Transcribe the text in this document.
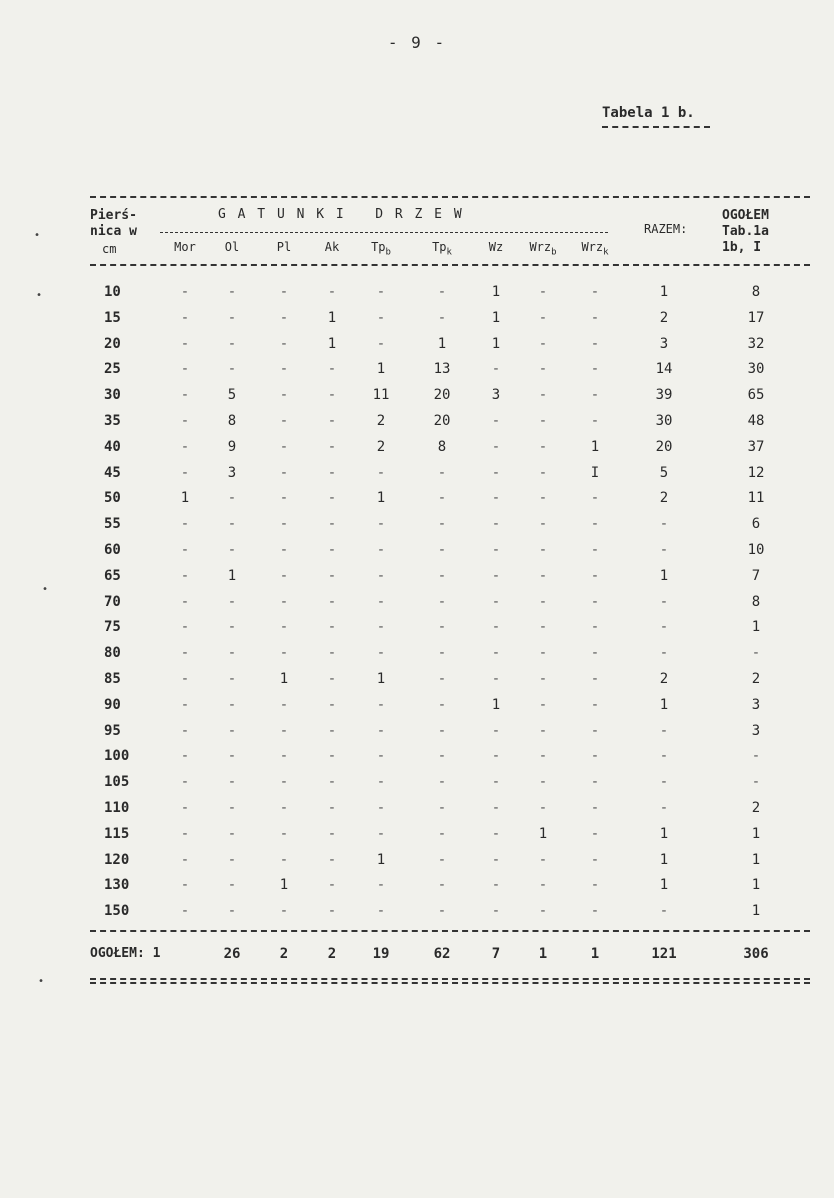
- 9 -
Tabela 1 b.
Pierś-
nica w
cm
G A T U N K I   D R Z E W
Mor	Ol	Pl	Ak	$Tp_b$	$Tp_k$	Wz	Wrz$_b$	Wrz$_k$
RAZEM:
OGOŁEM
Tab.1a
1b, I
10	-	-	-	-	-	-	1	-	-	1	8
15	-	-	-	1	-	-	1	-	-	2	17
20	-	-	-	1	-	1	1	-	-	3	32
25	-	-	-	-	1	13	-	-	-	14	30
30	-	5	-	-	11	20	3	-	-	39	65
35	-	8	-	-	2	20	-	-	-	30	48
40	-	9	-	-	2	8	-	-	1	20	37
45	-	3	-	-	-	-	-	-	I	5	12
50	1	-	-	-	1	-	-	-	-	2	11
55	-	-	-	-	-	-	-	-	-	-	6
60	-	-	-	-	-	-	-	-	-	-	10
65	-	1	-	-	-	-	-	-	-	1	7
70	-	-	-	-	-	-	-	-	-	-	8
75	-	-	-	-	-	-	-	-	-	-	1
80	-	-	-	-	-	-	-	-	-	-	-
85	-	-	1	-	1	-	-	-	-	2	2
90	-	-	-	-	-	-	1	-	-	1	3
95	-	-	-	-	-	-	-	-	-	-	3
100	-	-	-	-	-	-	-	-	-	-	-
105	-	-	-	-	-	-	-	-	-	-	-
110	-	-	-	-	-	-	-	-	-	-	2
115	-	-	-	-	-	-	-	1	-	1	1
120	-	-	-	-	1	-	-	-	-	1	1
130	-	-	1	-	-	-	-	-	-	1	1
150	-	-	-	-	-	-	-	-	-	-	1
OGOŁEM: 1	26	2	2	19	62	7	1	1	121	306
•
•
•
•
